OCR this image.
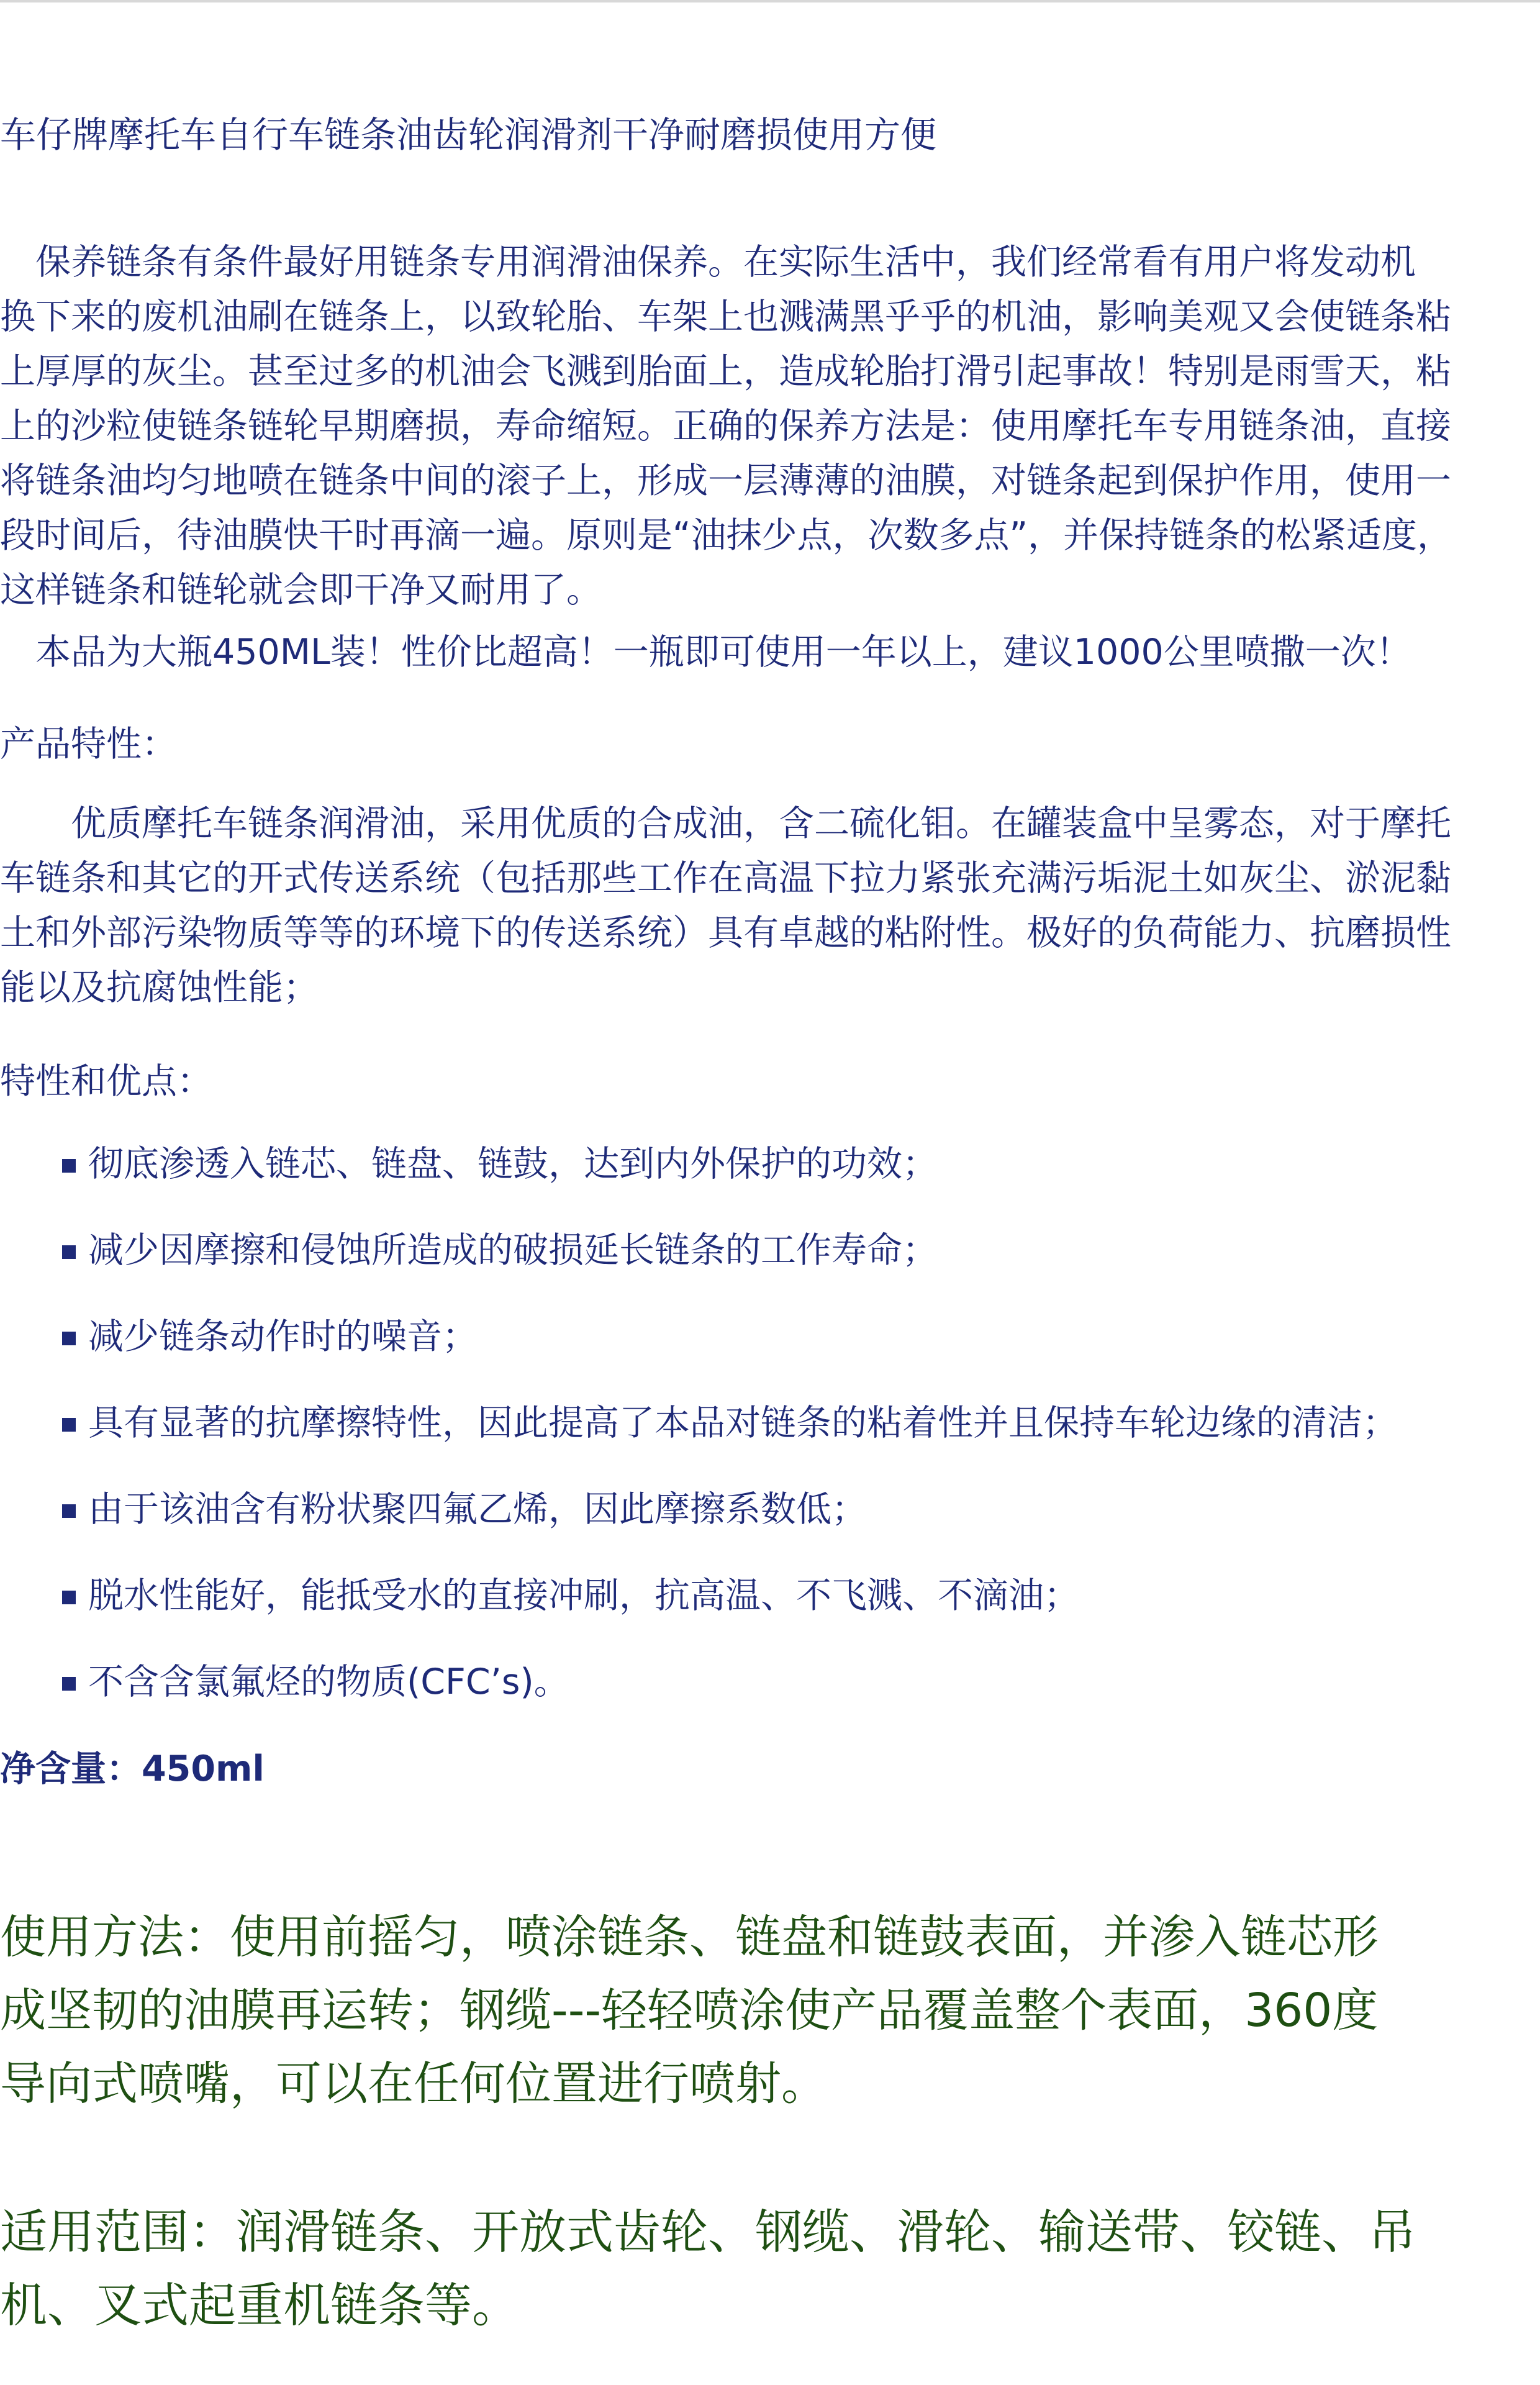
车仔牌摩托车自行车链条油齿轮润滑剂干净耐磨损使用方便

　保养链条有条件最好用链条专用润滑油保养。在实际生活中，我们经常看有用户将发动机
换下来的废机油刷在链条上，以致轮胎、车架上也溅满黑乎乎的机油，影响美观又会使链条粘
上厚厚的灰尘。甚至过多的机油会飞溅到胎面上，造成轮胎打滑引起事故！特别是雨雪天，粘
上的沙粒使链条链轮早期磨损，寿命缩短。正确的保养方法是：使用摩托车专用链条油，直接
将链条油均匀地喷在链条中间的滚子上，形成一层薄薄的油膜，对链条起到保护作用，使用一
段时间后，待油膜快干时再滴一遍。原则是“油抹少点，次数多点”，并保持链条的松紧适度，
这样链条和链轮就会即干净又耐用了。

　本品为大瓶450ML装！性价比超高！一瓶即可使用一年以上，建议1000公里喷撒一次！

产品特性：

　　优质摩托车链条润滑油，采用优质的合成油，含二硫化钼。在罐装盒中呈雾态，对于摩托
车链条和其它的开式传送系统（包括那些工作在高温下拉力紧张充满污垢泥土如灰尘、淤泥黏
土和外部污染物质等等的环境下的传送系统）具有卓越的粘附性。极好的负荷能力、抗磨损性
能以及抗腐蚀性能；

特性和优点：

彻底渗透入链芯、链盘、链鼓，达到内外保护的功效；
减少因摩擦和侵蚀所造成的破损延长链条的工作寿命；
减少链条动作时的噪音；
具有显著的抗摩擦特性，因此提高了本品对链条的粘着性并且保持车轮边缘的清洁；
由于该油含有粉状聚四氟乙烯，因此摩擦系数低；
脱水性能好，能抵受水的直接冲刷，抗高温、不飞溅、不滴油；
不含含氯氟烃的物质(CFC’s)。

净含量：450ml

使用方法：使用前摇匀，喷涂链条、链盘和链鼓表面，并渗入链芯形
成坚韧的油膜再运转；钢缆---轻轻喷涂使产品覆盖整个表面，360度
导向式喷嘴，可以在任何位置进行喷射。
适用范围：润滑链条、开放式齿轮、钢缆、滑轮、输送带、铰链、吊
机、叉式起重机链条等。
